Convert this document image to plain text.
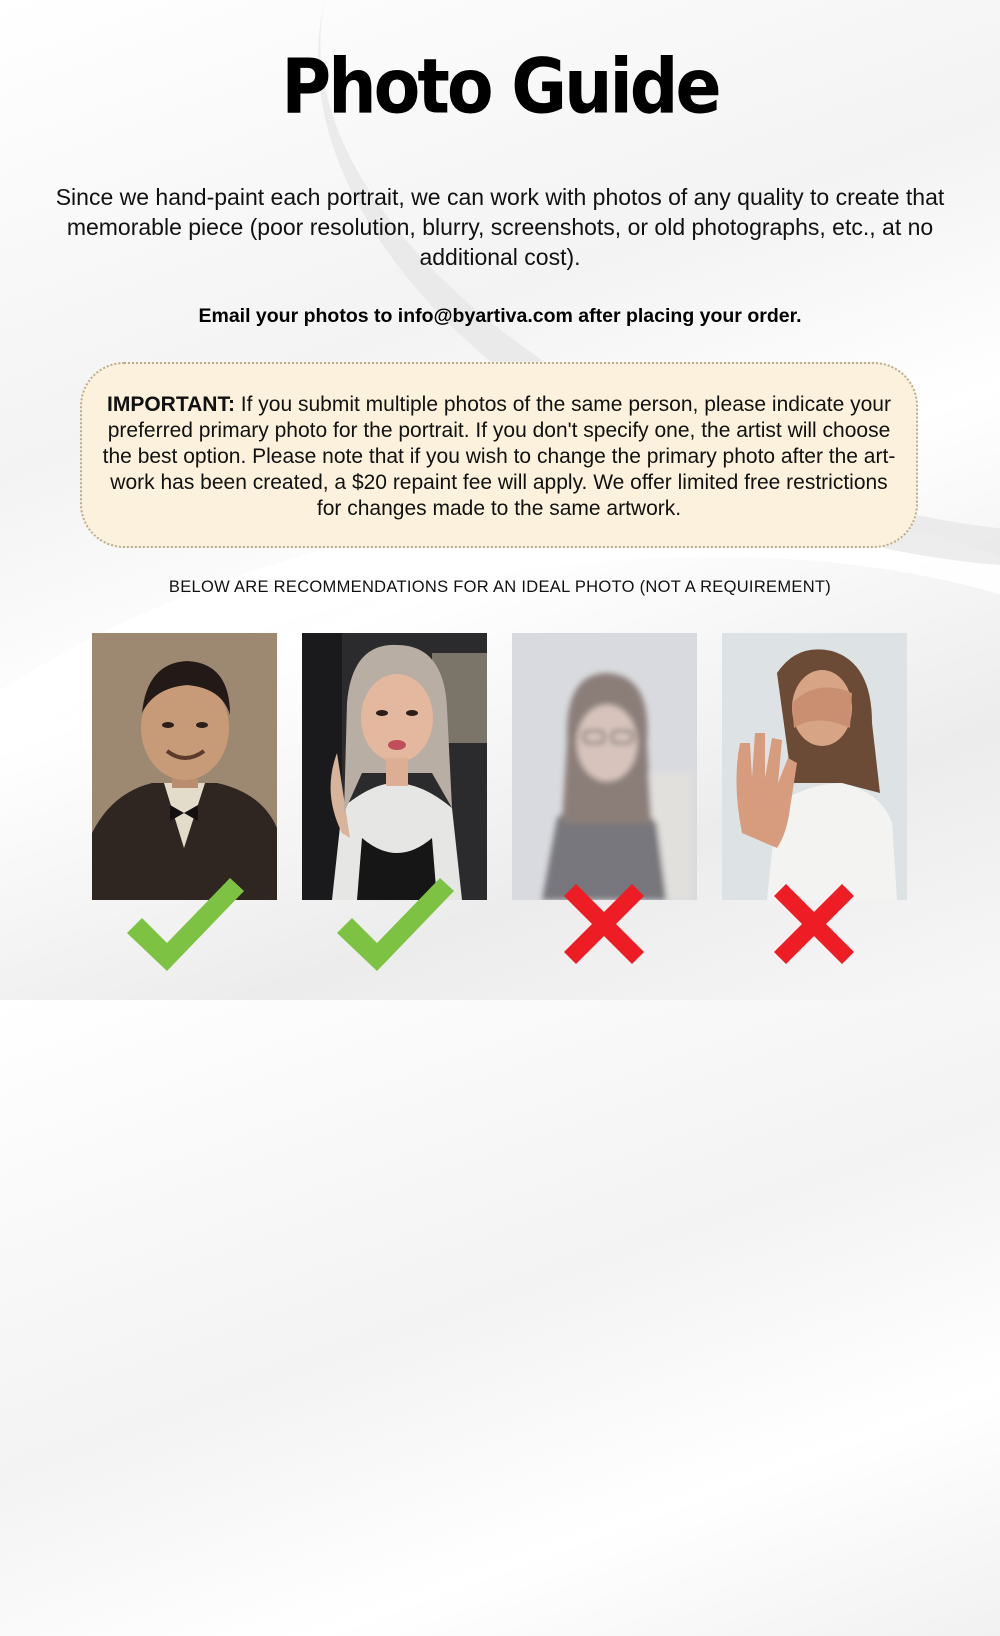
Photo Guide
Since we hand-paint each portrait, we can work with photos of any quality to create that memorable piece (poor resolution, blurry, screenshots, or old photographs, etc., at no additional cost).
Email your photos to info@byartiva.com after placing your order.
IMPORTANT: If you submit multiple photos of the same person, please indicate your preferred primary photo for the portrait. If you don't specify one, the artist will choose the best option. Please note that if you wish to change the primary photo after the art-work has been created, a $20 repaint fee will apply. We offer limited free restrictions for changes made to the same artwork.
BELOW ARE RECOMMENDATIONS FOR AN IDEAL PHOTO (NOT A REQUIREMENT)
